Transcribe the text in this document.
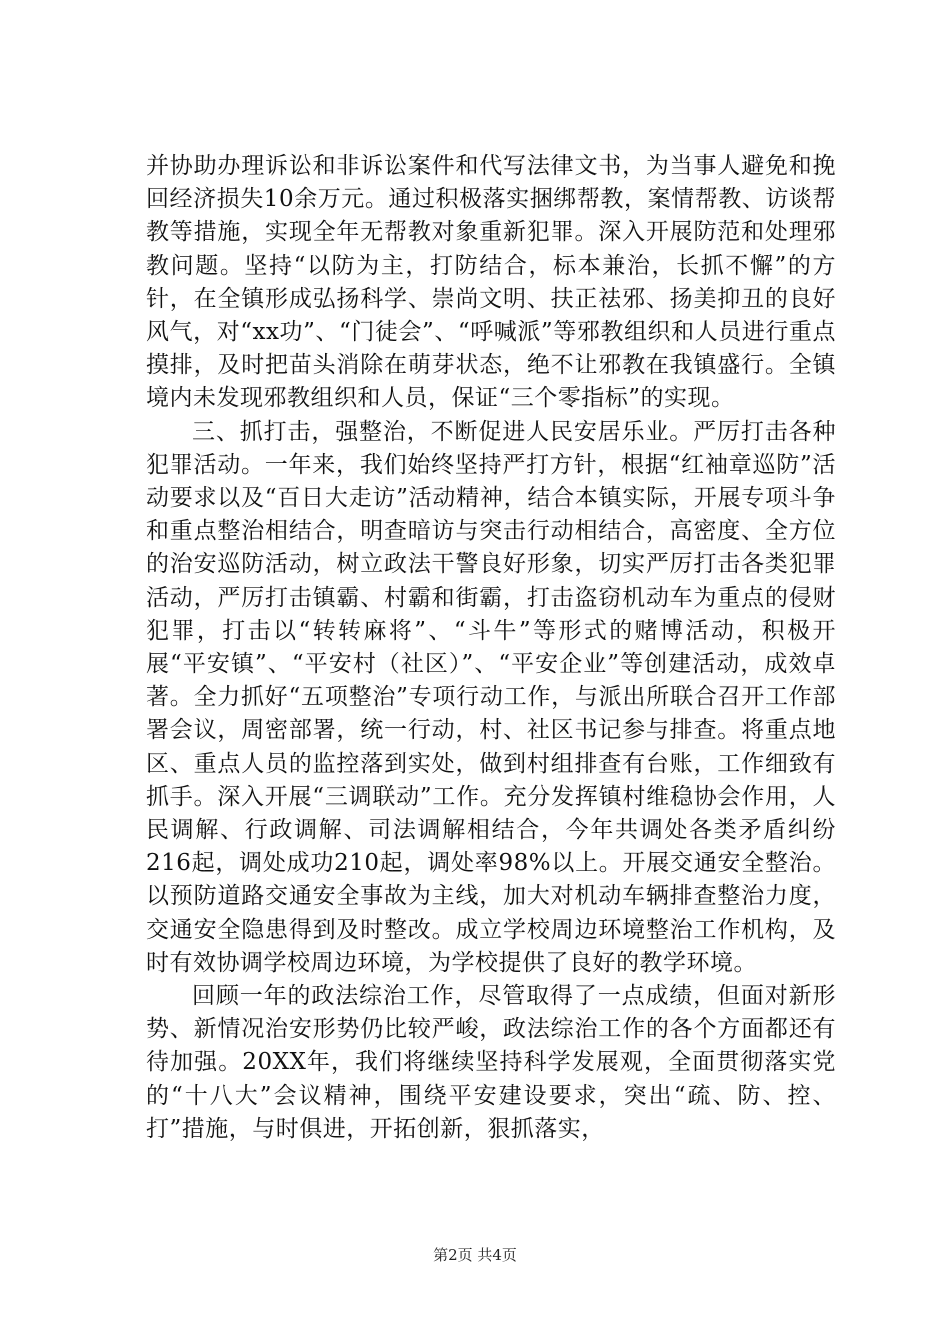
并协助办理诉讼和非诉讼案件和代写法律文书，为当事人避免和挽回经济损失10余万元。通过积极落实捆绑帮教，案情帮教、访谈帮教等措施，实现全年无帮教对象重新犯罪。深入开展防范和处理邪教问题。坚持“以防为主，打防结合，标本兼治，长抓不懈”的方针，在全镇形成弘扬科学、崇尚文明、扶正祛邪、扬美抑丑的良好风气，对“xx功”、“门徒会”、“呼喊派”等邪教组织和人员进行重点摸排，及时把苗头消除在萌芽状态，绝不让邪教在我镇盛行。全镇境内未发现邪教组织和人员，保证“三个零指标”的实现。

三、抓打击，强整治，不断促进人民安居乐业。严厉打击各种犯罪活动。一年来，我们始终坚持严打方针，根据“红袖章巡防”活动要求以及“百日大走访”活动精神，结合本镇实际，开展专项斗争和重点整治相结合，明查暗访与突击行动相结合，高密度、全方位的治安巡防活动，树立政法干警良好形象，切实严厉打击各类犯罪活动，严厉打击镇霸、村霸和街霸，打击盗窃机动车为重点的侵财犯罪，打击以“转转麻将”、“斗牛”等形式的赌博活动，积极开展“平安镇”、“平安村（社区）”、“平安企业”等创建活动，成效卓著。全力抓好“五项整治”专项行动工作，与派出所联合召开工作部署会议，周密部署，统一行动，村、社区书记参与排查。将重点地区、重点人员的监控落到实处，做到村组排查有台账，工作细致有抓手。深入开展“三调联动”工作。充分发挥镇村维稳协会作用，人民调解、行政调解、司法调解相结合，今年共调处各类矛盾纠纷216起，调处成功210起，调处率98%以上。开展交通安全整治。以预防道路交通安全事故为主线，加大对机动车辆排查整治力度，交通安全隐患得到及时整改。成立学校周边环境整治工作机构，及时有效协调学校周边环境，为学校提供了良好的教学环境。

回顾一年的政法综治工作，尽管取得了一点成绩，但面对新形势、新情况治安形势仍比较严峻，政法综治工作的各个方面都还有待加强。20XX年，我们将继续坚持科学发展观，全面贯彻落实党的“十八大”会议精神，围绕平安建设要求，突出“疏、防、控、打”措施，与时俱进，开拓创新，狠抓落实，

第2页 共4页
